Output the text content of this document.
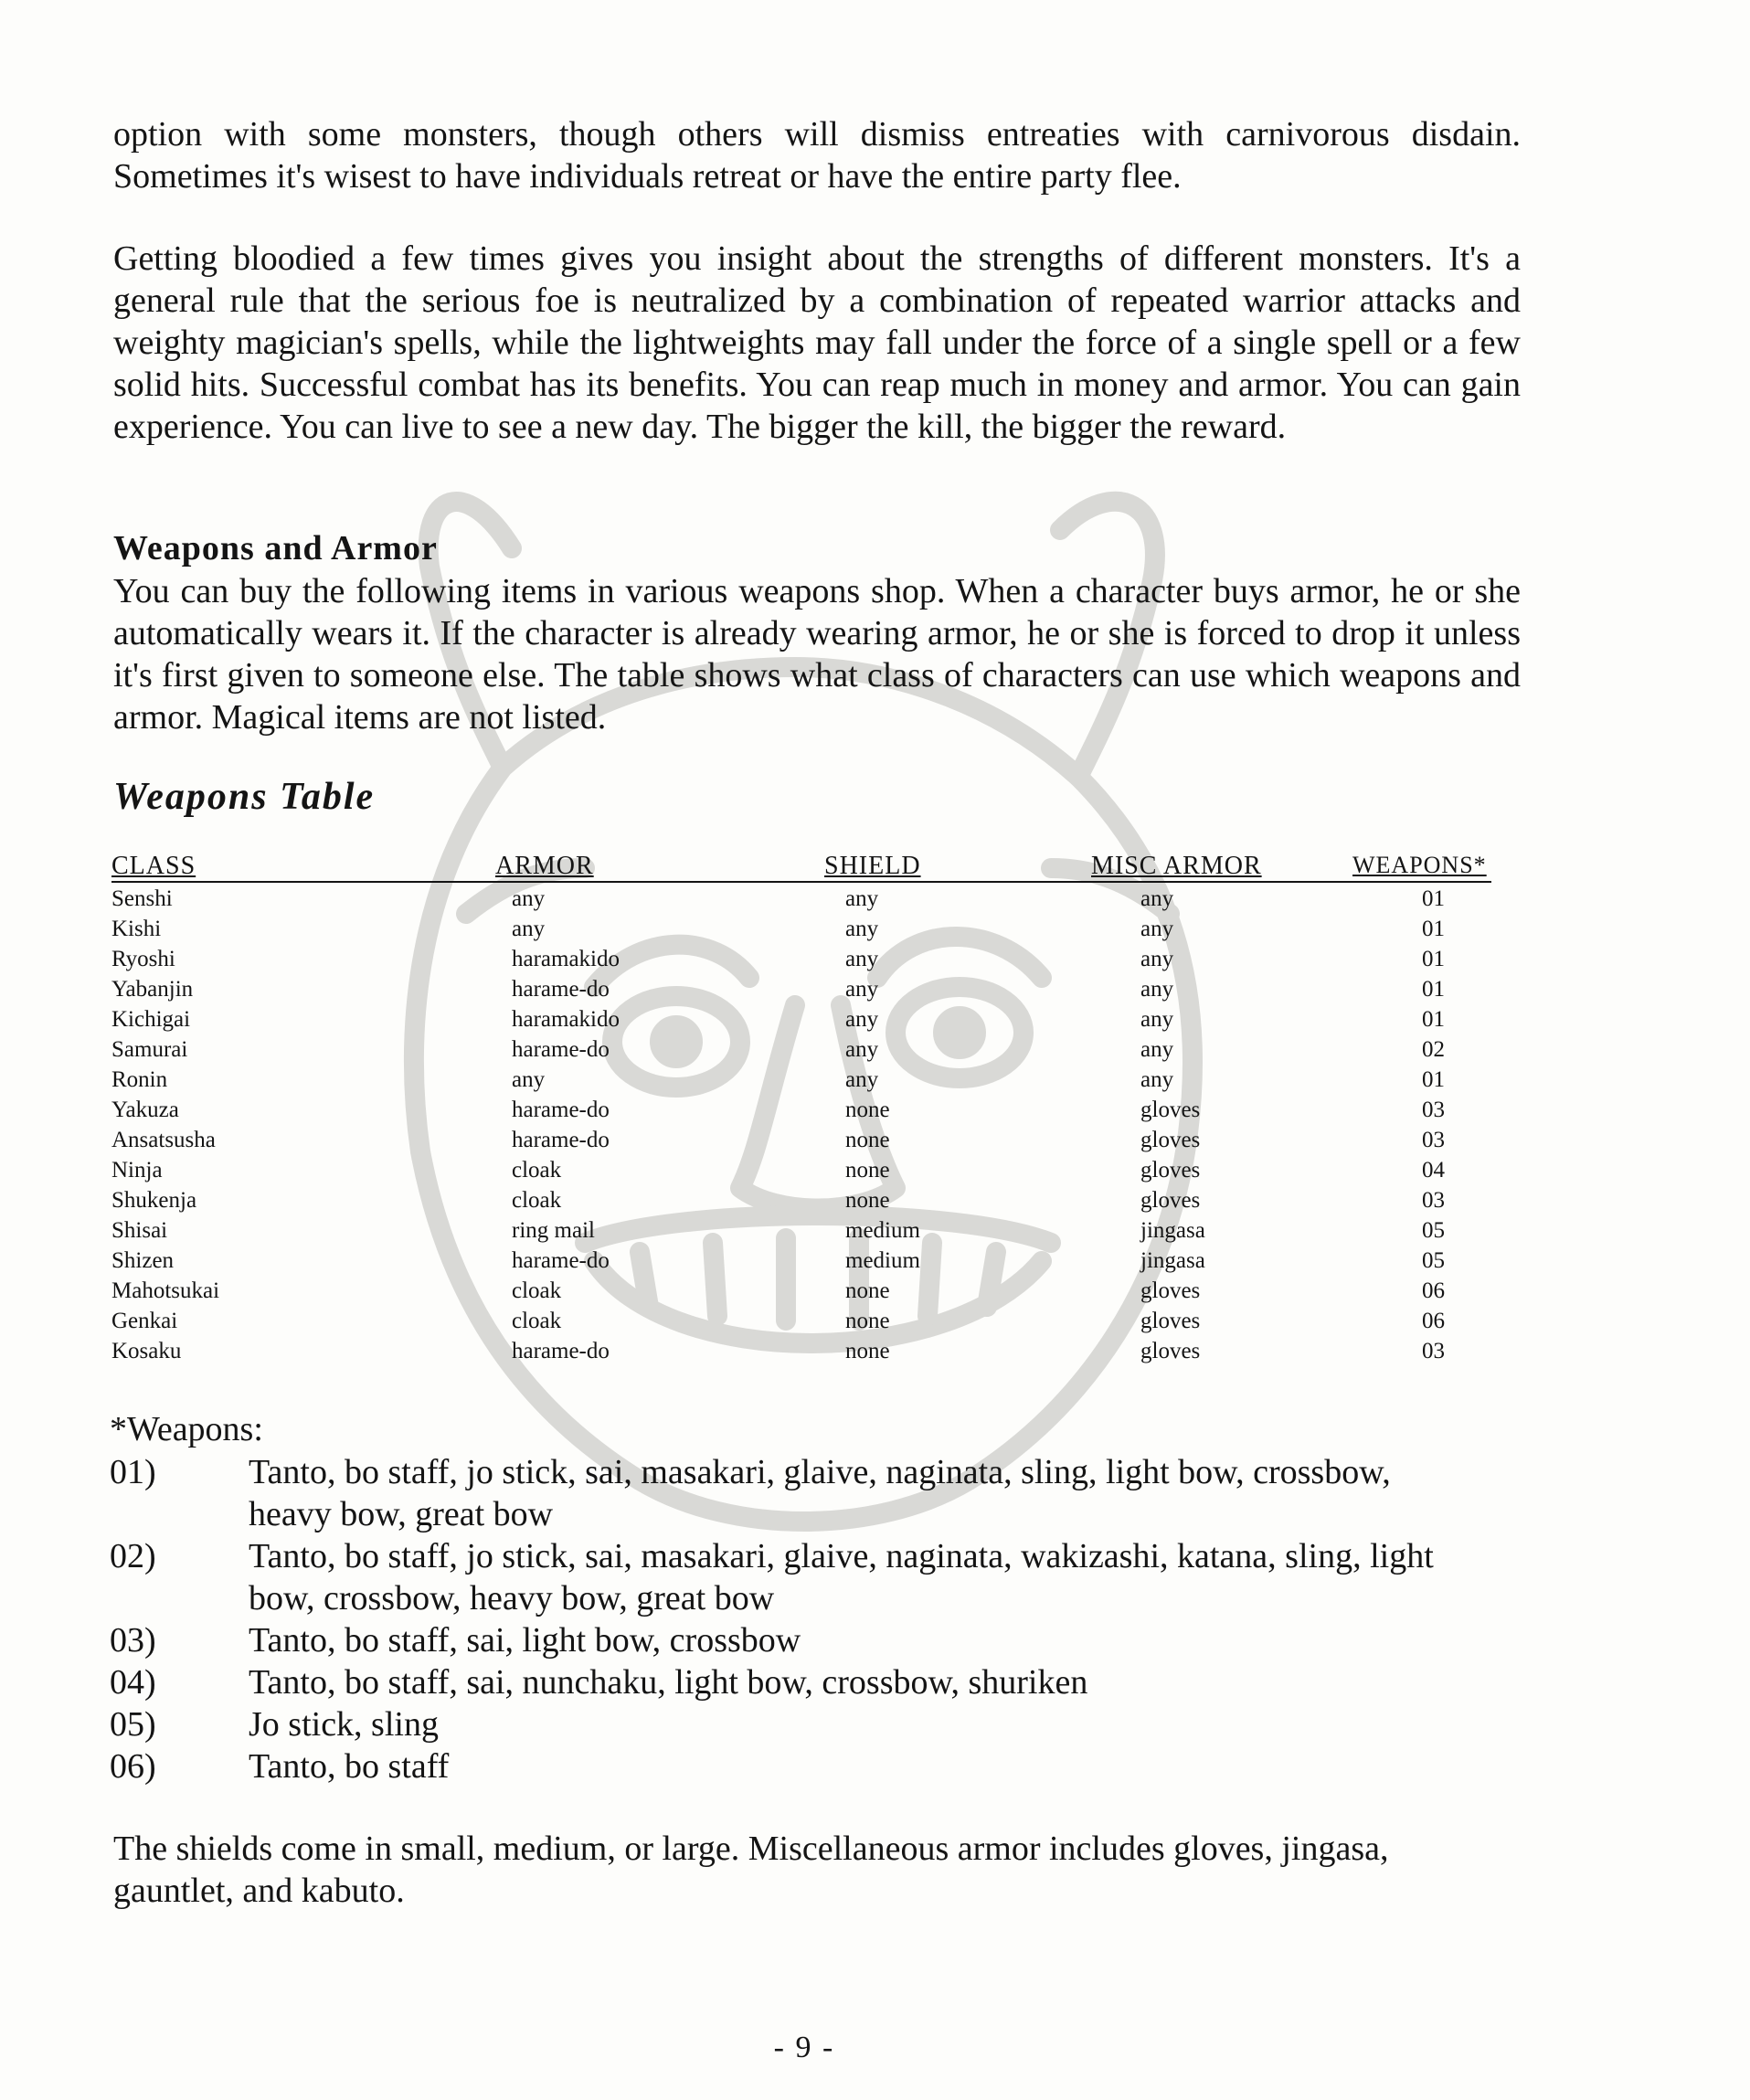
option with some monsters, though others will dismiss entreaties with carnivorous disdain. Sometimes it's wisest to have individuals retreat or have the entire party flee.

Getting bloodied a few times gives you insight about the strengths of different monsters. It's a general rule that the serious foe is neutralized by a combination of repeated warrior attacks and weighty magician's spells, while the lightweights may fall under the force of a single spell or a few solid hits. Successful combat has its benefits. You can reap much in money and armor. You can gain experience. You can live to see a new day. The bigger the kill, the bigger the reward.

Weapons and Armor

You can buy the following items in various weapons shop. When a character buys armor, he or she automatically wears it. If the character is already wearing armor, he or she is forced to drop it unless it's first given to someone else. The table shows what class of characters can use which weapons and armor. Magical items are not listed.

Weapons Table
CLASS	ARMOR	SHIELD	MISC ARMOR	WEAPONS*
Senshi	any	any	any	01
Kishi	any	any	any	01
Ryoshi	haramakido	any	any	01
Yabanjin	harame-do	any	any	01
Kichigai	haramakido	any	any	01
Samurai	harame-do	any	any	02
Ronin	any	any	any	01
Yakuza	harame-do	none	gloves	03
Ansatsusha	harame-do	none	gloves	03
Ninja	cloak	none	gloves	04
Shukenja	cloak	none	gloves	03
Shisai	ring mail	medium	jingasa	05
Shizen	harame-do	medium	jingasa	05
Mahotsukai	cloak	none	gloves	06
Genkai	cloak	none	gloves	06
Kosaku	harame-do	none	gloves	03

*Weapons:

01)	Tanto, bo staff, jo stick, sai, masakari, glaive, naginata, sling, light bow, crossbow, heavy bow, great bow
02)	Tanto, bo staff, jo stick, sai, masakari, glaive, naginata, wakizashi, katana, sling, light bow, crossbow, heavy bow, great bow
03)	Tanto, bo staff, sai, light bow, crossbow
04)	Tanto, bo staff, sai, nunchaku, light bow, crossbow, shuriken
05)	Jo stick, sling
06)	Tanto, bo staff

The shields come in small, medium, or large. Miscellaneous armor includes gloves, jingasa, gauntlet, and kabuto.

- 9 -
